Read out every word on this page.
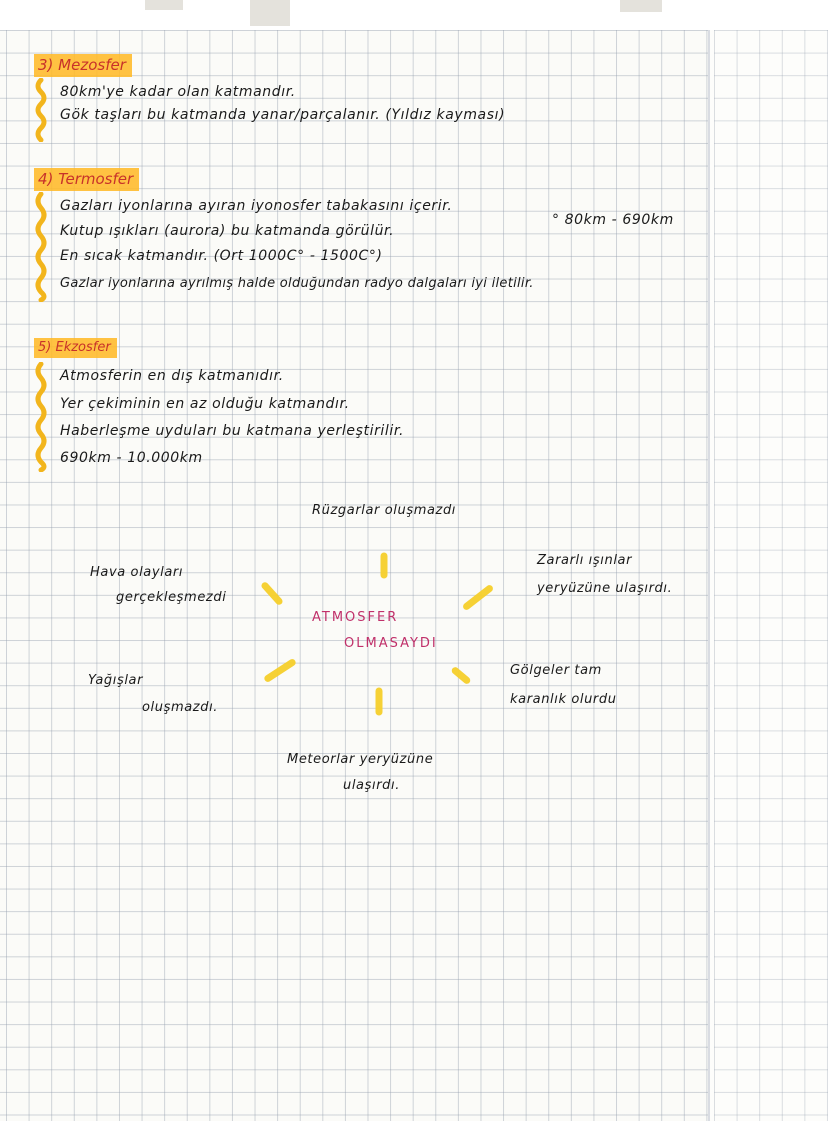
3) Mezosfer
80km'ye kadar olan katmandır.
Gök taşları bu katmanda yanar/parçalanır. (Yıldız kayması)
4) Termosfer
Gazları iyonlarına ayıran iyonosfer tabakasını içerir.
Kutup ışıkları (aurora) bu katmanda görülür.
° 80km - 690km
En sıcak katmandır. (Ort 1000C° - 1500C°)
Gazlar iyonlarına ayrılmış halde olduğundan radyo dalgaları iyi iletilir.
5) Ekzosfer
Atmosferin en dış katmanıdır.
Yer çekiminin en az olduğu katmandır.
Haberleşme uyduları bu katmana yerleştirilir.
690km - 10.000km
Rüzgarlar oluşmazdı
Hava olayları
gerçekleşmezdi
Zararlı ışınlar
yeryüzüne ulaşırdı.
ATMOSFER
OLMASAYDI
Yağışlar
oluşmazdı.
Gölgeler tam
karanlık olurdu
Meteorlar yeryüzüne
ulaşırdı.
